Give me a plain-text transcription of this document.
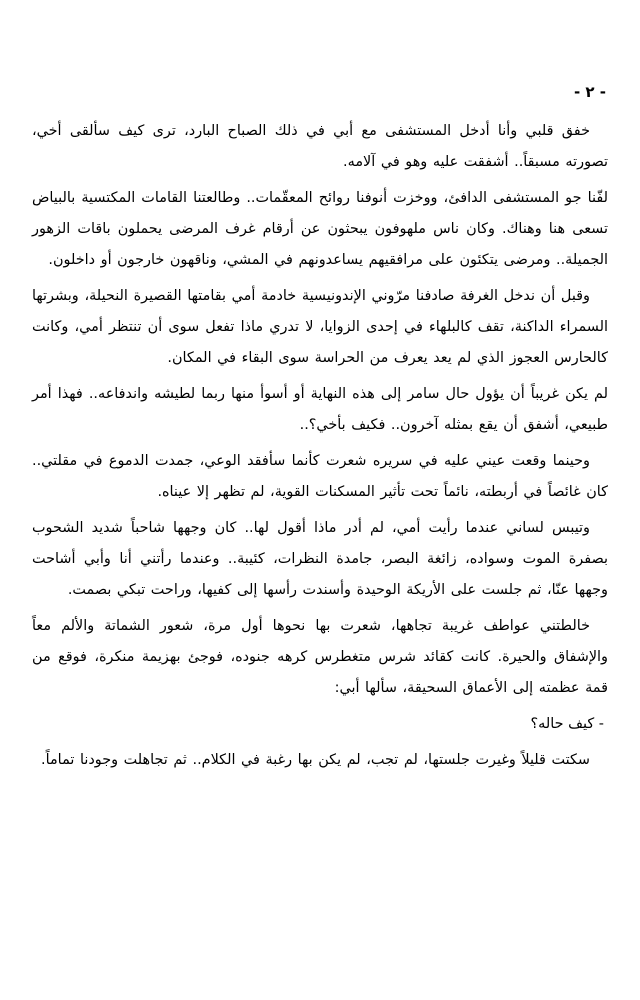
- ٢ -

خفق قلبي وأنا أدخل المستشفى مع أبي في ذلك الصباح البارد، ترى كيف سألقى أخي، تصورته مسبقاً.. أشفقت عليه وهو في آلامه.

لفّنا جو المستشفى الدافئ، ووخزت أنوفنا روائح المعقّمات.. وطالعتنا القامات المكتسية بالبياض تسعى هنا وهناك. وكان ناس ملهوفون يبحثون عن أرقام غرف المرضى يحملون باقات الزهور الجميلة.. ومرضى يتكئون على مرافقيهم يساعدونهم في المشي، وناقهون خارجون أو داخلون.

وقبل أن ندخل الغرفة صادفنا مرّوني الإندونيسية خادمة أمي بقامتها القصيرة النحيلة، وبشرتها السمراء الداكنة، تقف كالبلهاء في إحدى الزوايا، لا تدري ماذا تفعل سوى أن تنتظر أمي، وكانت كالحارس العجوز الذي لم يعد يعرف من الحراسة سوى البقاء في المكان.

لم يكن غريباً أن يؤول حال سامر إلى هذه النهاية أو أسوأ منها ربما لطيشه واندفاعه.. فهذا أمر طبيعي، أشفق أن يقع بمثله آخرون.. فكيف بأخي؟..

وحينما وقعت عيني عليه في سريره شعرت كأنما سأفقد الوعي، جمدت الدموع في مقلتي.. كان غائصاً في أربطته، نائماً تحت تأثير المسكنات القوية، لم تظهر إلا عيناه.

وتيبس لساني عندما رأيت أمي، لم أدر ماذا أقول لها.. كان وجهها شاحباً شديد الشحوب بصفرة الموت وسواده، زائغة البصر، جامدة النظرات، كئيبة.. وعندما رأتني أنا وأبي أشاحت وجهها عنّا، ثم جلست على الأريكة الوحيدة وأسندت رأسها إلى كفيها، وراحت تبكي بصمت.

خالطتني عواطف غريبة تجاهها، شعرت بها نحوها أول مرة، شعور الشماتة والألم معاً والإشفاق والحيرة. كانت كقائد شرس متغطرس كرهه جنوده، فوجئ بهزيمة منكرة، فوقع من قمة عظمته إلى الأعماق السحيقة، سألها أبي:

- كيف حاله؟

سكتت قليلاً وغيرت جلستها، لم تجب، لم يكن بها رغبة في الكلام.. ثم تجاهلت وجودنا تماماً.
